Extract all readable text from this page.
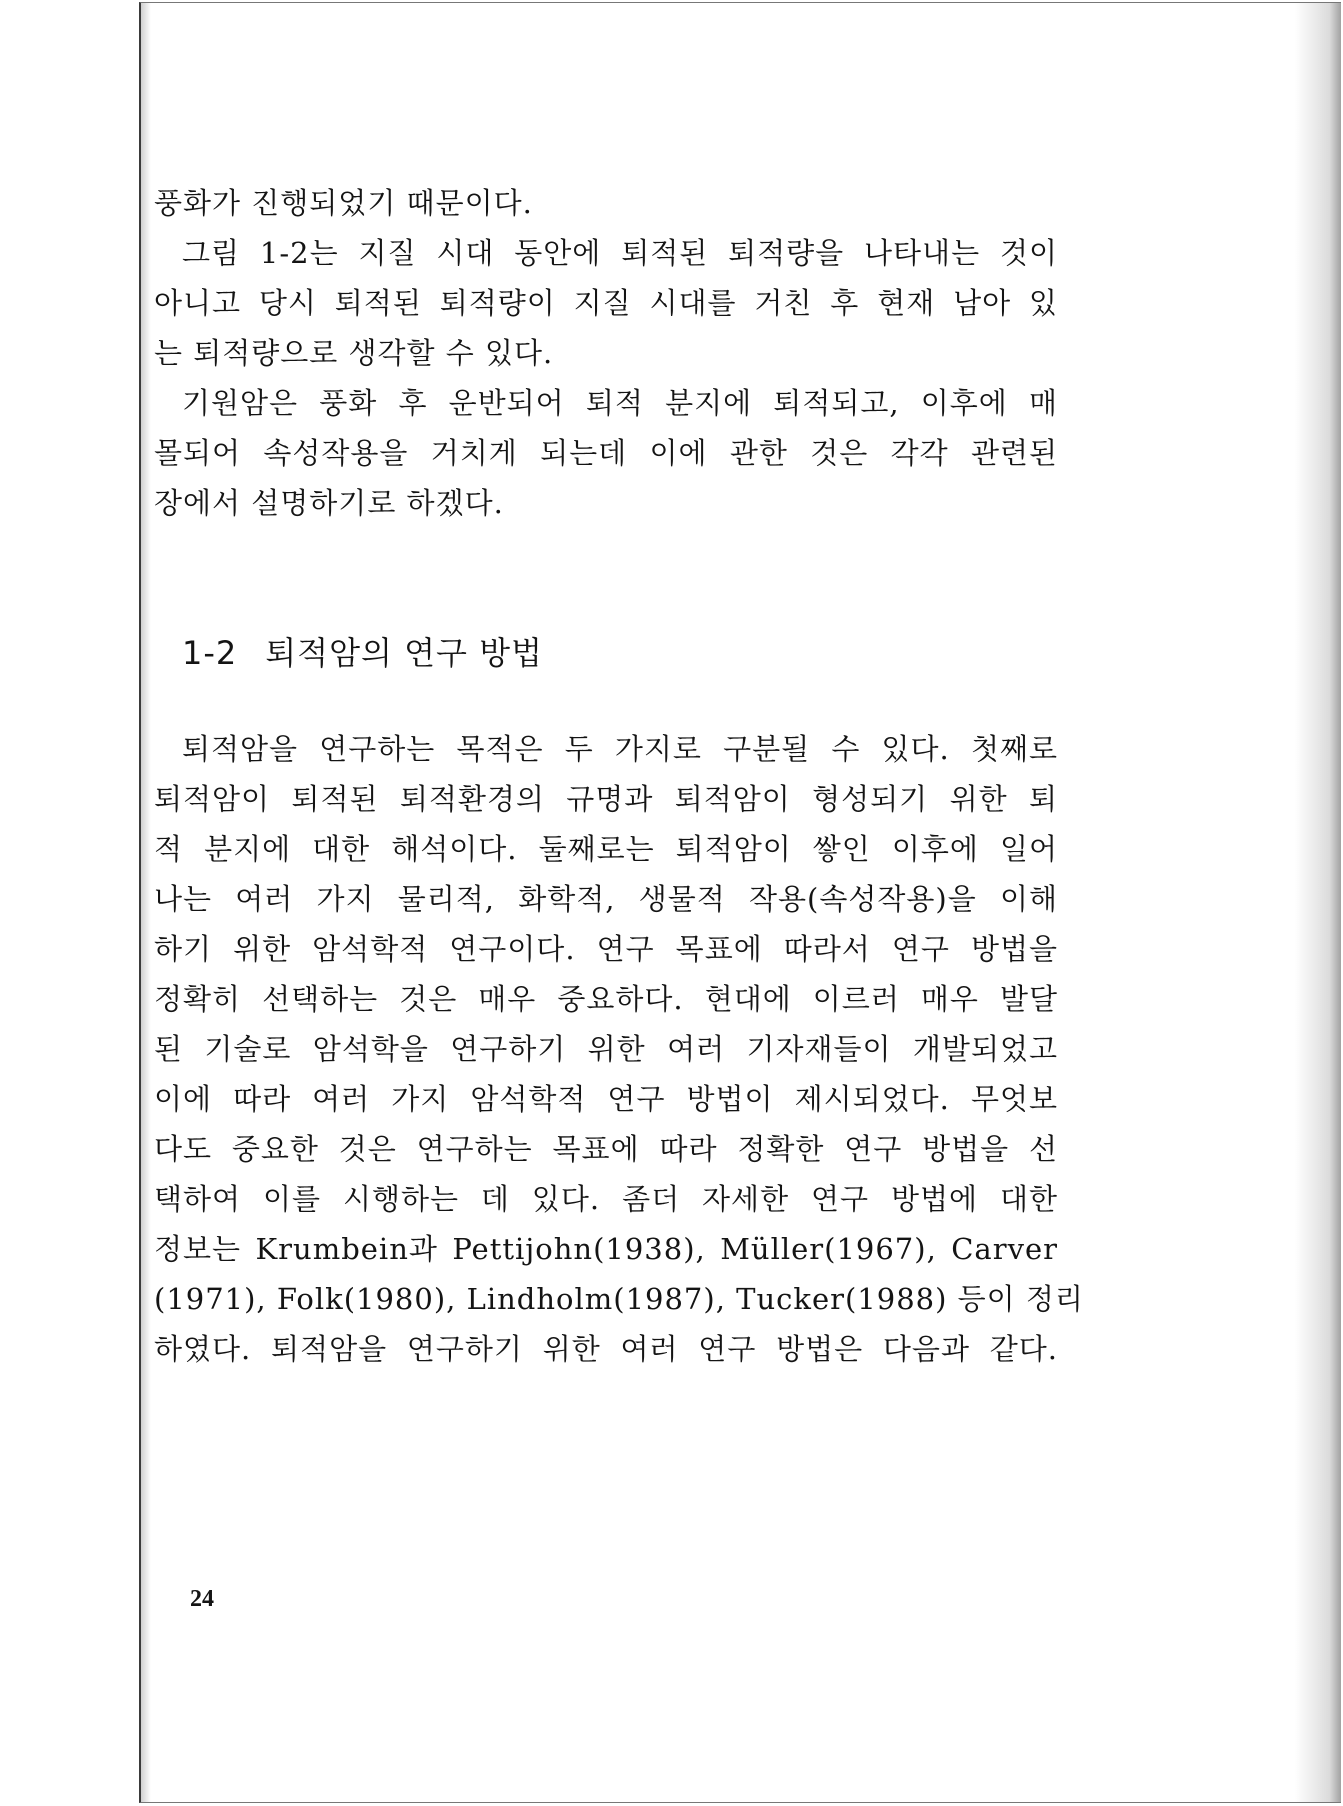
풍화가 진행되었기 때문이다.
그림 1-2는 지질 시대 동안에 퇴적된 퇴적량을 나타내는 것이
아니고 당시 퇴적된 퇴적량이 지질 시대를 거친 후 현재 남아 있
는 퇴적량으로 생각할 수 있다.
기원암은 풍화 후 운반되어 퇴적 분지에 퇴적되고, 이후에 매
몰되어 속성작용을 거치게 되는데 이에 관한 것은 각각 관련된
장에서 설명하기로 하겠다.
1-2 퇴적암의 연구 방법
퇴적암을 연구하는 목적은 두 가지로 구분될 수 있다. 첫째로
퇴적암이 퇴적된 퇴적환경의 규명과 퇴적암이 형성되기 위한 퇴
적 분지에 대한 해석이다. 둘째로는 퇴적암이 쌓인 이후에 일어
나는 여러 가지 물리적, 화학적, 생물적 작용(속성작용)을 이해
하기 위한 암석학적 연구이다. 연구 목표에 따라서 연구 방법을
정확히 선택하는 것은 매우 중요하다. 현대에 이르러 매우 발달
된 기술로 암석학을 연구하기 위한 여러 기자재들이 개발되었고
이에 따라 여러 가지 암석학적 연구 방법이 제시되었다. 무엇보
다도 중요한 것은 연구하는 목표에 따라 정확한 연구 방법을 선
택하여 이를 시행하는 데 있다. 좀더 자세한 연구 방법에 대한
정보는 Krumbein과 Pettijohn(1938), Müller(1967), Carver
(1971), Folk(1980), Lindholm(1987), Tucker(1988) 등이 정리
하였다. 퇴적암을 연구하기 위한 여러 연구 방법은 다음과 같다.
24
